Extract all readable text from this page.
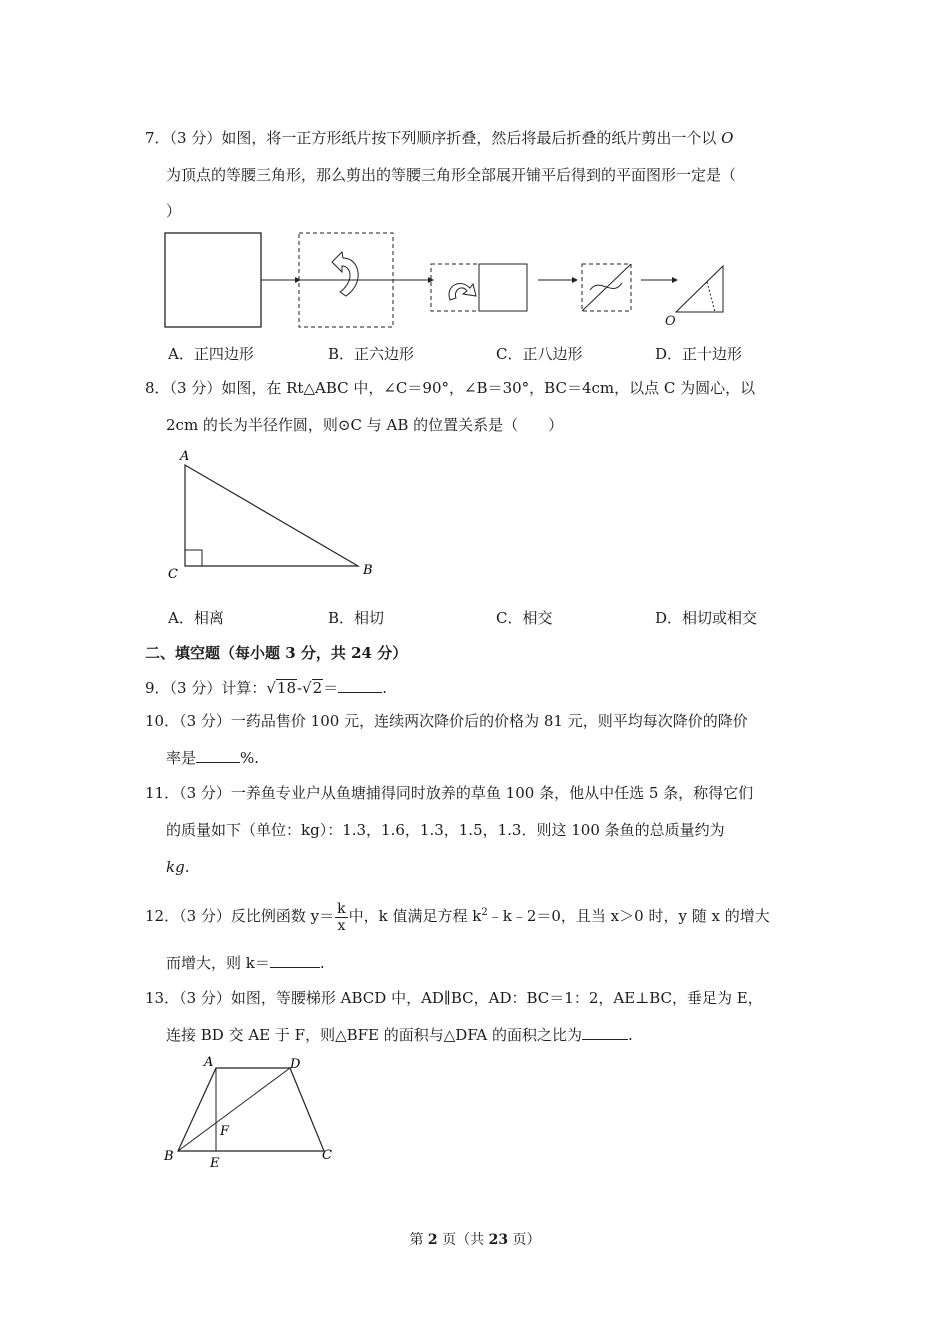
7．（3 分）如图，将一正方形纸片按下列顺序折叠，然后将最后折叠的纸片剪出一个以 O
为顶点的等腰三角形，那么剪出的等腰三角形全部展开铺平后得到的平面图形一定是（
）
O
A．正四边形	B．正六边形	C．正八边形	D．正十边形
8．（3 分）如图，在 Rt△ABC 中，∠C＝90°，∠B＝30°，BC＝4cm，以点 C 为圆心，以
2cm 的长为半径作圆，则⊙C 与 AB 的位置关系是（　　）
A
C	B
A．相离	B．相切	C．相交	D．相切或相交
二、填空题（每小题 3 分，共 24 分）
9．（3 分）计算：√18-√2＝	.
10．（3 分）一药品售价 100 元，连续两次降价后的价格为 81 元，则平均每次降价的降价
率是	%.
11．（3 分）一养鱼专业户从鱼塘捕得同时放养的草鱼 100 条，他从中任选 5 条，称得它们
的质量如下（单位：kg）：1.3，1.6，1.3，1.5，1.3．则这 100 条鱼的总质量约为
kg.
12．（3 分）反比例函数 $y= \frac{k}{x}$ 中，k 值满足方程 $k^2﹣k﹣2=0$，且当 x＞0 时，y 随 x 的增大
而增大，则 k＝	.
13．（3 分）如图，等腰梯形 ABCD 中，AD∥BC，AD：BC＝1：2，AE⊥BC，垂足为 E，
连接 BD 交 AE 于 F，则△BFE 的面积与△DFA 的面积之比为	.
A	D
F
B	E
C
第 2 页（共 23 页）
